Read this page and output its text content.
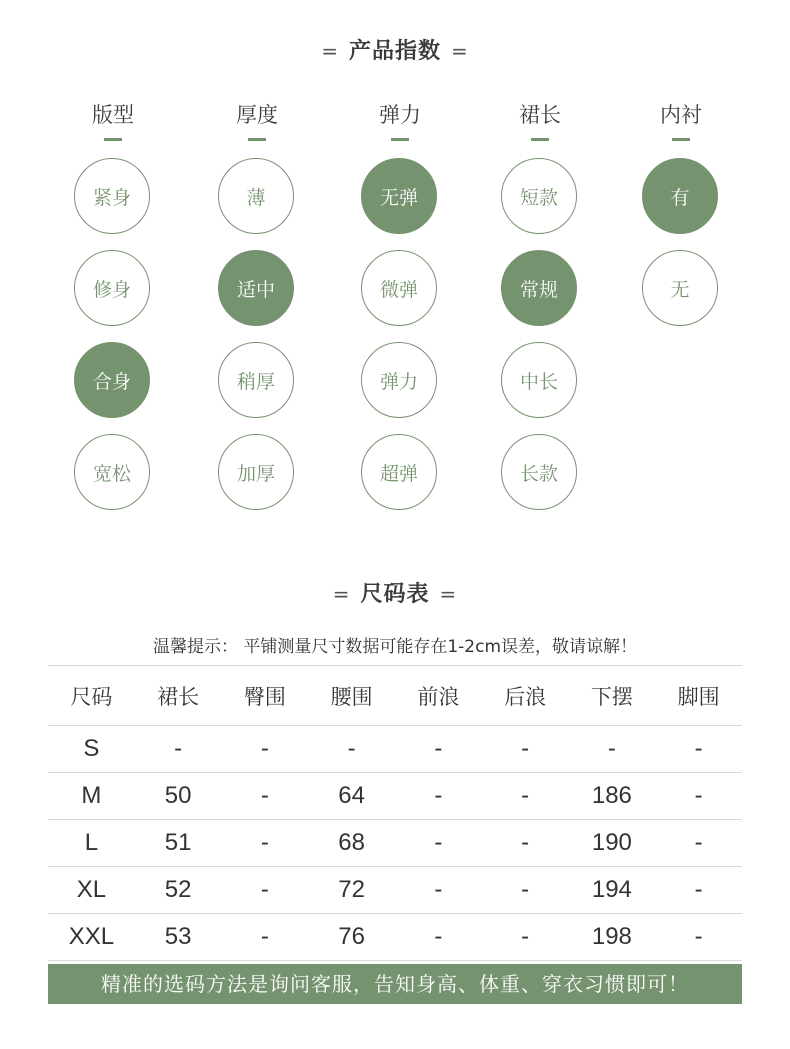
= 产品指数 =
版型
紧身
修身
合身
宽松
厚度
薄
适中
稍厚
加厚
弹力
无弹
微弹
弹力
超弹
裙长
短款
常规
中长
长款
内衬
有
无
= 尺码表 =
温馨提示： 平铺测量尺寸数据可能存在1-2cm误差，敬请谅解！
尺码	裙长	臀围	腰围	前浪	后浪	下摆	脚围
S	-	-	-	-	-	-	-
M	50	-	64	-	-	186	-
L	51	-	68	-	-	190	-
XL	52	-	72	-	-	194	-
XXL	53	-	76	-	-	198	-
精准的选码方法是询问客服，告知身高、体重、穿衣习惯即可！
